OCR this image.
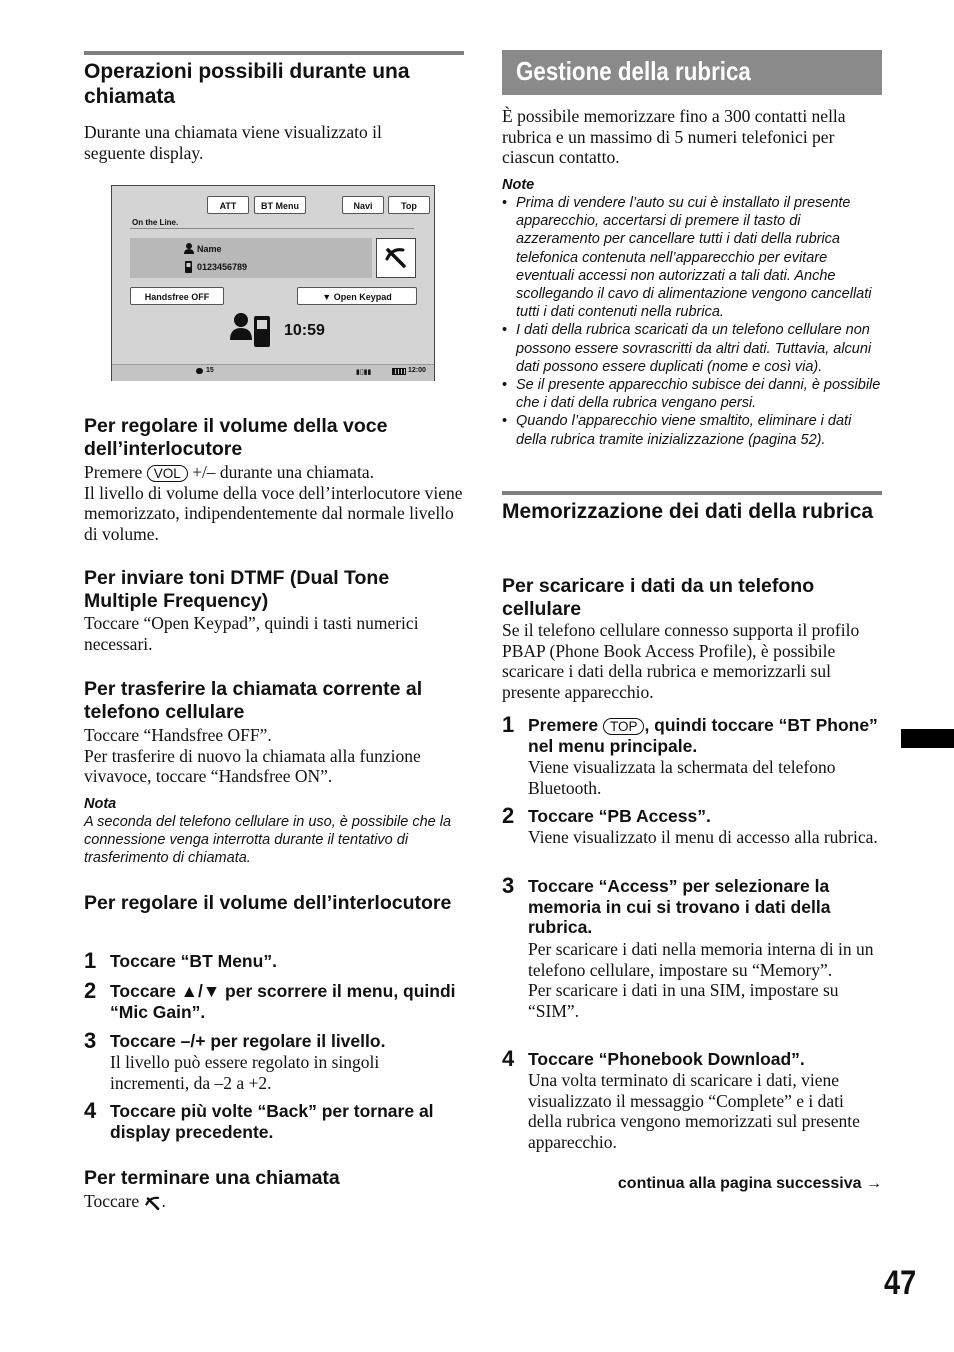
Operazioni possibili durante una chiamata

Durante una chiamata viene visualizzato il seguente display.

ATT	BT Menu	Navi	Top
On the Line.
Name
0123456789
Handsfree OFF	▼ Open Keypad
10:59
15	▮▯▮▮	12:00
Per regolare il volume della voce dell’interlocutore

Premere VOL +/– durante una chiamata.
Il livello di volume della voce dell’interlocutore viene memorizzato, indipendentemente dal normale livello di volume.

Per inviare toni DTMF (Dual Tone Multiple Frequency)

Toccare “Open Keypad”, quindi i tasti numerici necessari.

Per trasferire la chiamata corrente al telefono cellulare

Toccare “Handsfree OFF”.
Per trasferire di nuovo la chiamata alla funzione vivavoce, toccare “Handsfree ON”.

Nota

A seconda del telefono cellulare in uso, è possibile che la connessione venga interrotta durante il tentativo di trasferimento di chiamata.

Per regolare il volume dell’interlocutore
1 Toccare “BT Menu”.
2 Toccare ▲/▼ per scorrere il menu, quindi “Mic Gain”.
3 Toccare –/+ per regolare il livello.
Il livello può essere regolato in singoli incrementi, da –2 a +2.
4 Toccare più volte “Back” per tornare al display precedente.
Per terminare una chiamata

Toccare .

Gestione della rubrica

È possibile memorizzare fino a 300 contatti nella rubrica e un massimo di 5 numeri telefonici per ciascun contatto.

Note
• Prima di vendere l’auto su cui è installato il presente apparecchio, accertarsi di premere il tasto di azzeramento per cancellare tutti i dati della rubrica telefonica contenuta nell’apparecchio per evitare eventuali accessi non autorizzati a tali dati. Anche scollegando il cavo di alimentazione vengono cancellati tutti i dati contenuti nella rubrica.
• I dati della rubrica scaricati da un telefono cellulare non possono essere sovrascritti da altri dati. Tuttavia, alcuni dati possono essere duplicati (nome e così via).
• Se il presente apparecchio subisce dei danni, è possibile che i dati della rubrica vengano persi.
• Quando l’apparecchio viene smaltito, eliminare i dati della rubrica tramite inizializzazione (pagina 52).
Memorizzazione dei dati della rubrica
Per scaricare i dati da un telefono cellulare

Se il telefono cellulare connesso supporta il profilo PBAP (Phone Book Access Profile), è possibile scaricare i dati della rubrica e memorizzarli sul presente apparecchio.

1 Premere TOP , quindi toccare “BT Phone” nel menu principale.
Viene visualizzata la schermata del telefono Bluetooth.
2 Toccare “PB Access”.
Viene visualizzato il menu di accesso alla rubrica.
3 Toccare “Access” per selezionare la memoria in cui si trovano i dati della rubrica.
Per scaricare i dati nella memoria interna di in un telefono cellulare, impostare su “Memory”.
Per scaricare i dati in una SIM, impostare su “SIM”.
4 Toccare “Phonebook Download”.
Una volta terminato di scaricare i dati, viene visualizzato il messaggio “Complete” e i dati della rubrica vengono memorizzati sul presente apparecchio.
continua alla pagina successiva →
47
